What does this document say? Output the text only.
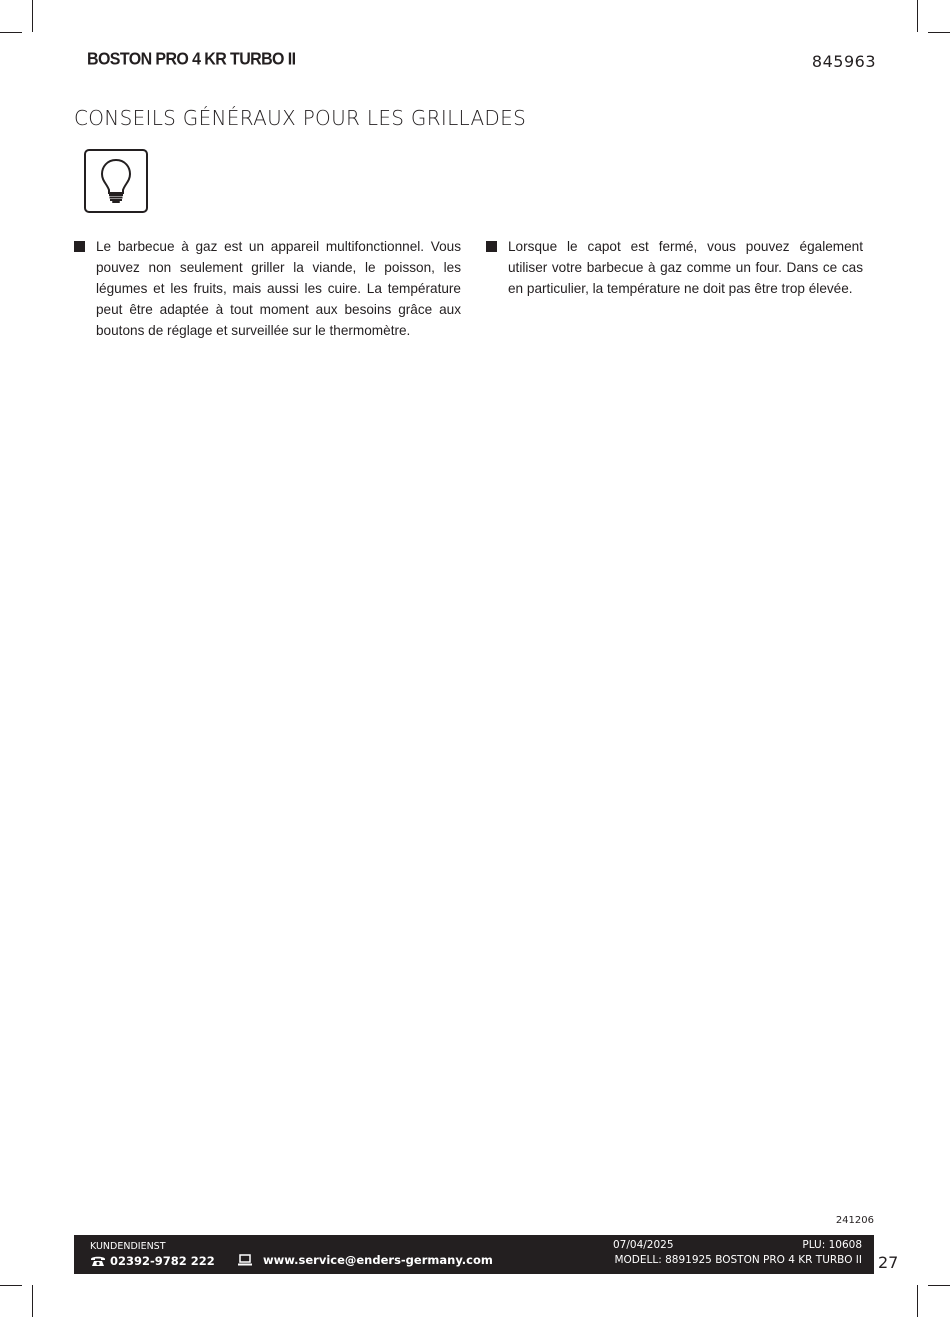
BOSTON PRO 4 KR TURBO II	845963
CONSEILS GÉNÉRAUX POUR LES GRILLADES

Le barbecue à gaz est un appareil multifonctionnel. Vous pouvez non seulement griller la viande, le poisson, les légumes et les fruits, mais aussi les cuire. La température peut être adaptée à tout moment aux besoins grâce aux boutons de réglage et surveillée sur le thermomètre.

Lorsque le capot est fermé, vous pouvez également utiliser votre barbecue à gaz comme un four. Dans ce cas en particulier, la température ne doit pas être trop élevée.

241206
KUNDENDIENST
02392-9782 222	www.service@enders-germany.com
07/04/2025	PLU: 10608
MODELL: 8891925 BOSTON PRO 4 KR TURBO II 27
